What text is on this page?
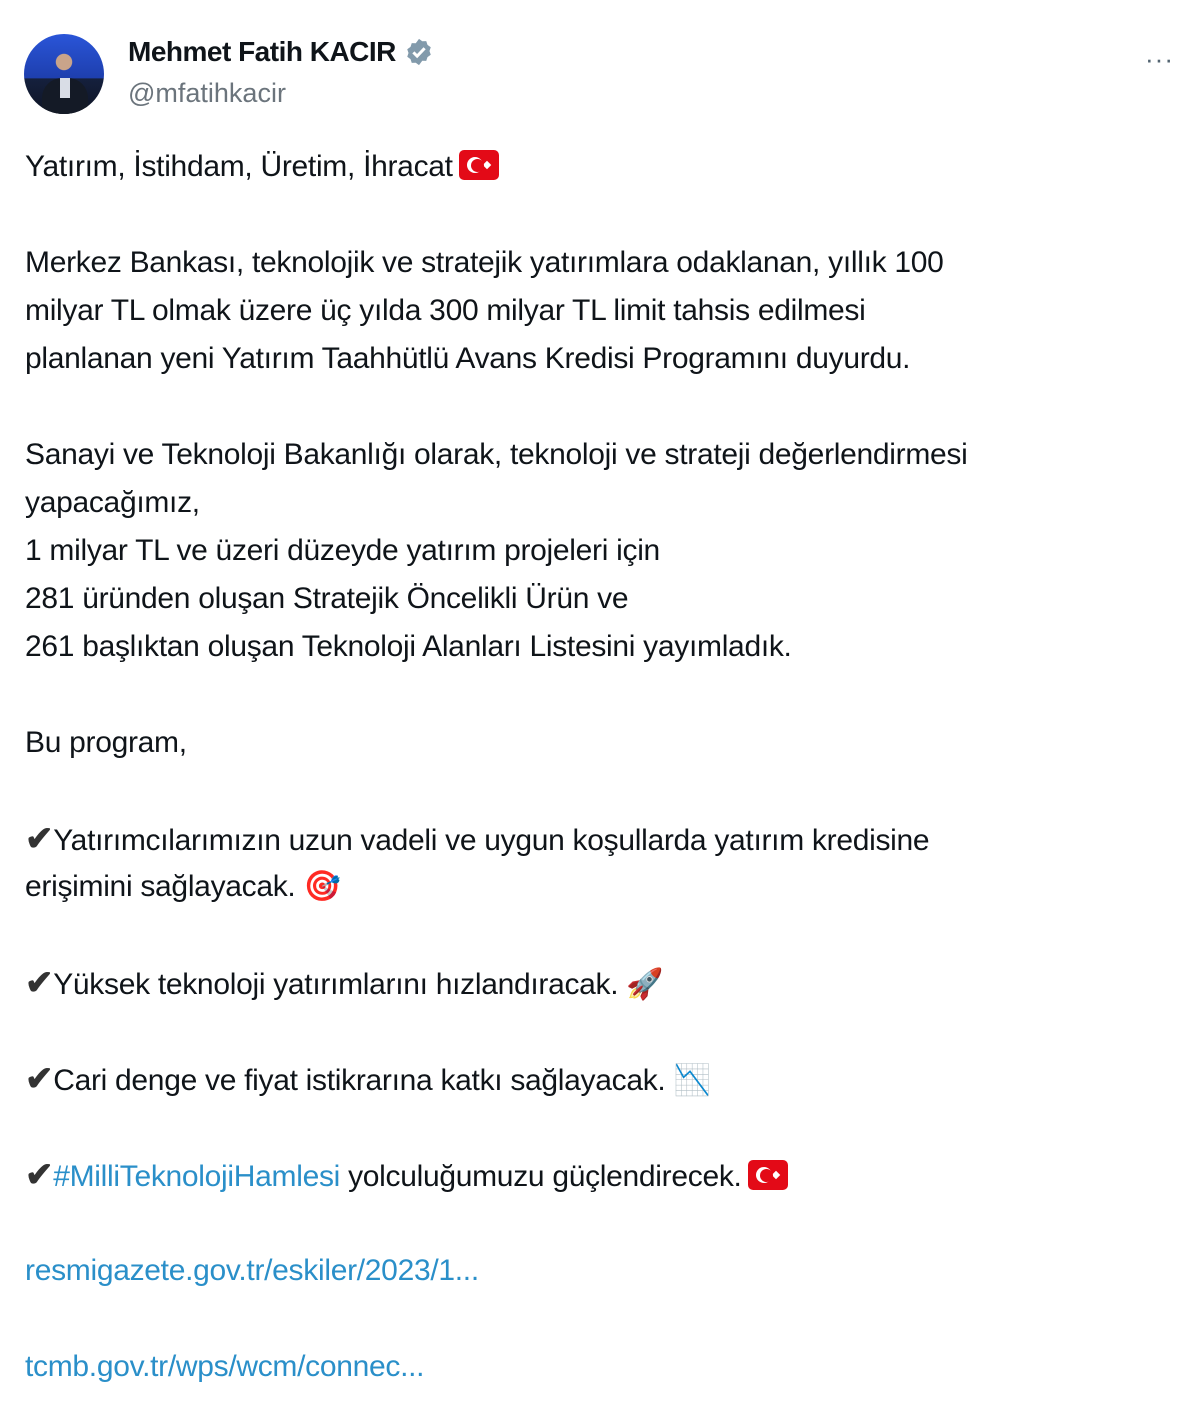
Mehmet Fatih KACIR
@mfatihkacir
···
Yatırım, İstihdam, Üretim, İhracat
Merkez Bankası, teknolojik ve stratejik yatırımlara odaklanan, yıllık 100
milyar TL olmak üzere üç yılda 300 milyar TL limit tahsis edilmesi
planlanan yeni Yatırım Taahhütlü Avans Kredisi Programını duyurdu.
Sanayi ve Teknoloji Bakanlığı olarak, teknoloji ve strateji değerlendirmesi
yapacağımız,
1 milyar TL ve üzeri düzeyde yatırım projeleri için
281 üründen oluşan Stratejik Öncelikli Ürün ve
261 başlıktan oluşan Teknoloji Alanları Listesini yayımladık.
Bu program,
✔Yatırımcılarımızın uzun vadeli ve uygun koşullarda yatırım kredisine
erişimini sağlayacak. 🎯
✔Yüksek teknoloji yatırımlarını hızlandıracak. 🚀
✔Cari denge ve fiyat istikrarına katkı sağlayacak. 📉
✔#MilliTeknolojiHamlesi yolculuğumuzu güçlendirecek.
resmigazete.gov.tr/eskiler/2023/1...
tcmb.gov.tr/wps/wcm/connec...
